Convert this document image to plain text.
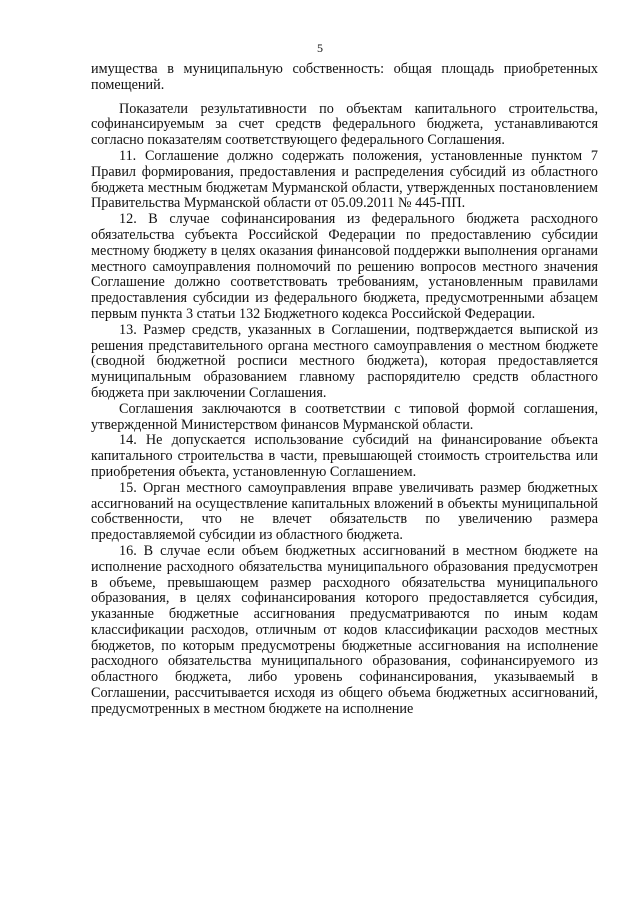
5

имущества в муниципальную собственность: общая площадь приобретенных помещений.

Показатели результативности по объектам капитального строительства, софинансируемым за счет средств федерального бюджета, устанавливаются согласно показателям соответствующего федерального Соглашения.

11. Соглашение должно содержать положения, установленные пунктом 7 Правил формирования, предоставления и распределения субсидий из областного бюджета местным бюджетам Мурманской области, утвержденных постановлением Правительства Мурманской области от 05.09.2011 № 445-ПП.

12. В случае софинансирования из федерального бюджета расходного обязательства субъекта Российской Федерации по предоставлению субсидии местному бюджету в целях оказания финансовой поддержки выполнения органами местного самоуправления полномочий по решению вопросов местного значения Соглашение должно соответствовать требованиям, установленным правилами предоставления субсидии из федерального бюджета, предусмотренными абзацем первым пункта 3 статьи 132 Бюджетного кодекса Российской Федерации.

13. Размер средств, указанных в Соглашении, подтверждается выпиской из решения представительного органа местного самоуправления о местном бюджете (сводной бюджетной росписи местного бюджета), которая предоставляется муниципальным образованием главному распорядителю средств областного бюджета при заключении Соглашения.

Соглашения заключаются в соответствии с типовой формой соглашения, утвержденной Министерством финансов Мурманской области.

14. Не допускается использование субсидий на финансирование объекта капитального строительства в части, превышающей стоимость строительства или приобретения объекта, установленную Соглашением.

15. Орган местного самоуправления вправе увеличивать размер бюджетных ассигнований на осуществление капитальных вложений в объекты муниципальной собственности, что не влечет обязательств по увеличению размера предоставляемой субсидии из областного бюджета.

16. В случае если объем бюджетных ассигнований в местном бюджете на исполнение расходного обязательства муниципального образования предусмотрен в объеме, превышающем размер расходного обязательства муниципального образования, в целях софинансирования которого предоставляется субсидия, указанные бюджетные ассигнования предусматриваются по иным кодам классификации расходов, отличным от кодов классификации расходов местных бюджетов, по которым предусмотрены бюджетные ассигнования на исполнение расходного обязательства муниципального образования, софинансируемого из областного бюджета, либо уровень софинансирования, указываемый в Соглашении, рассчитывается исходя из общего объема бюджетных ассигнований, предусмотренных в местном бюджете на исполнение
